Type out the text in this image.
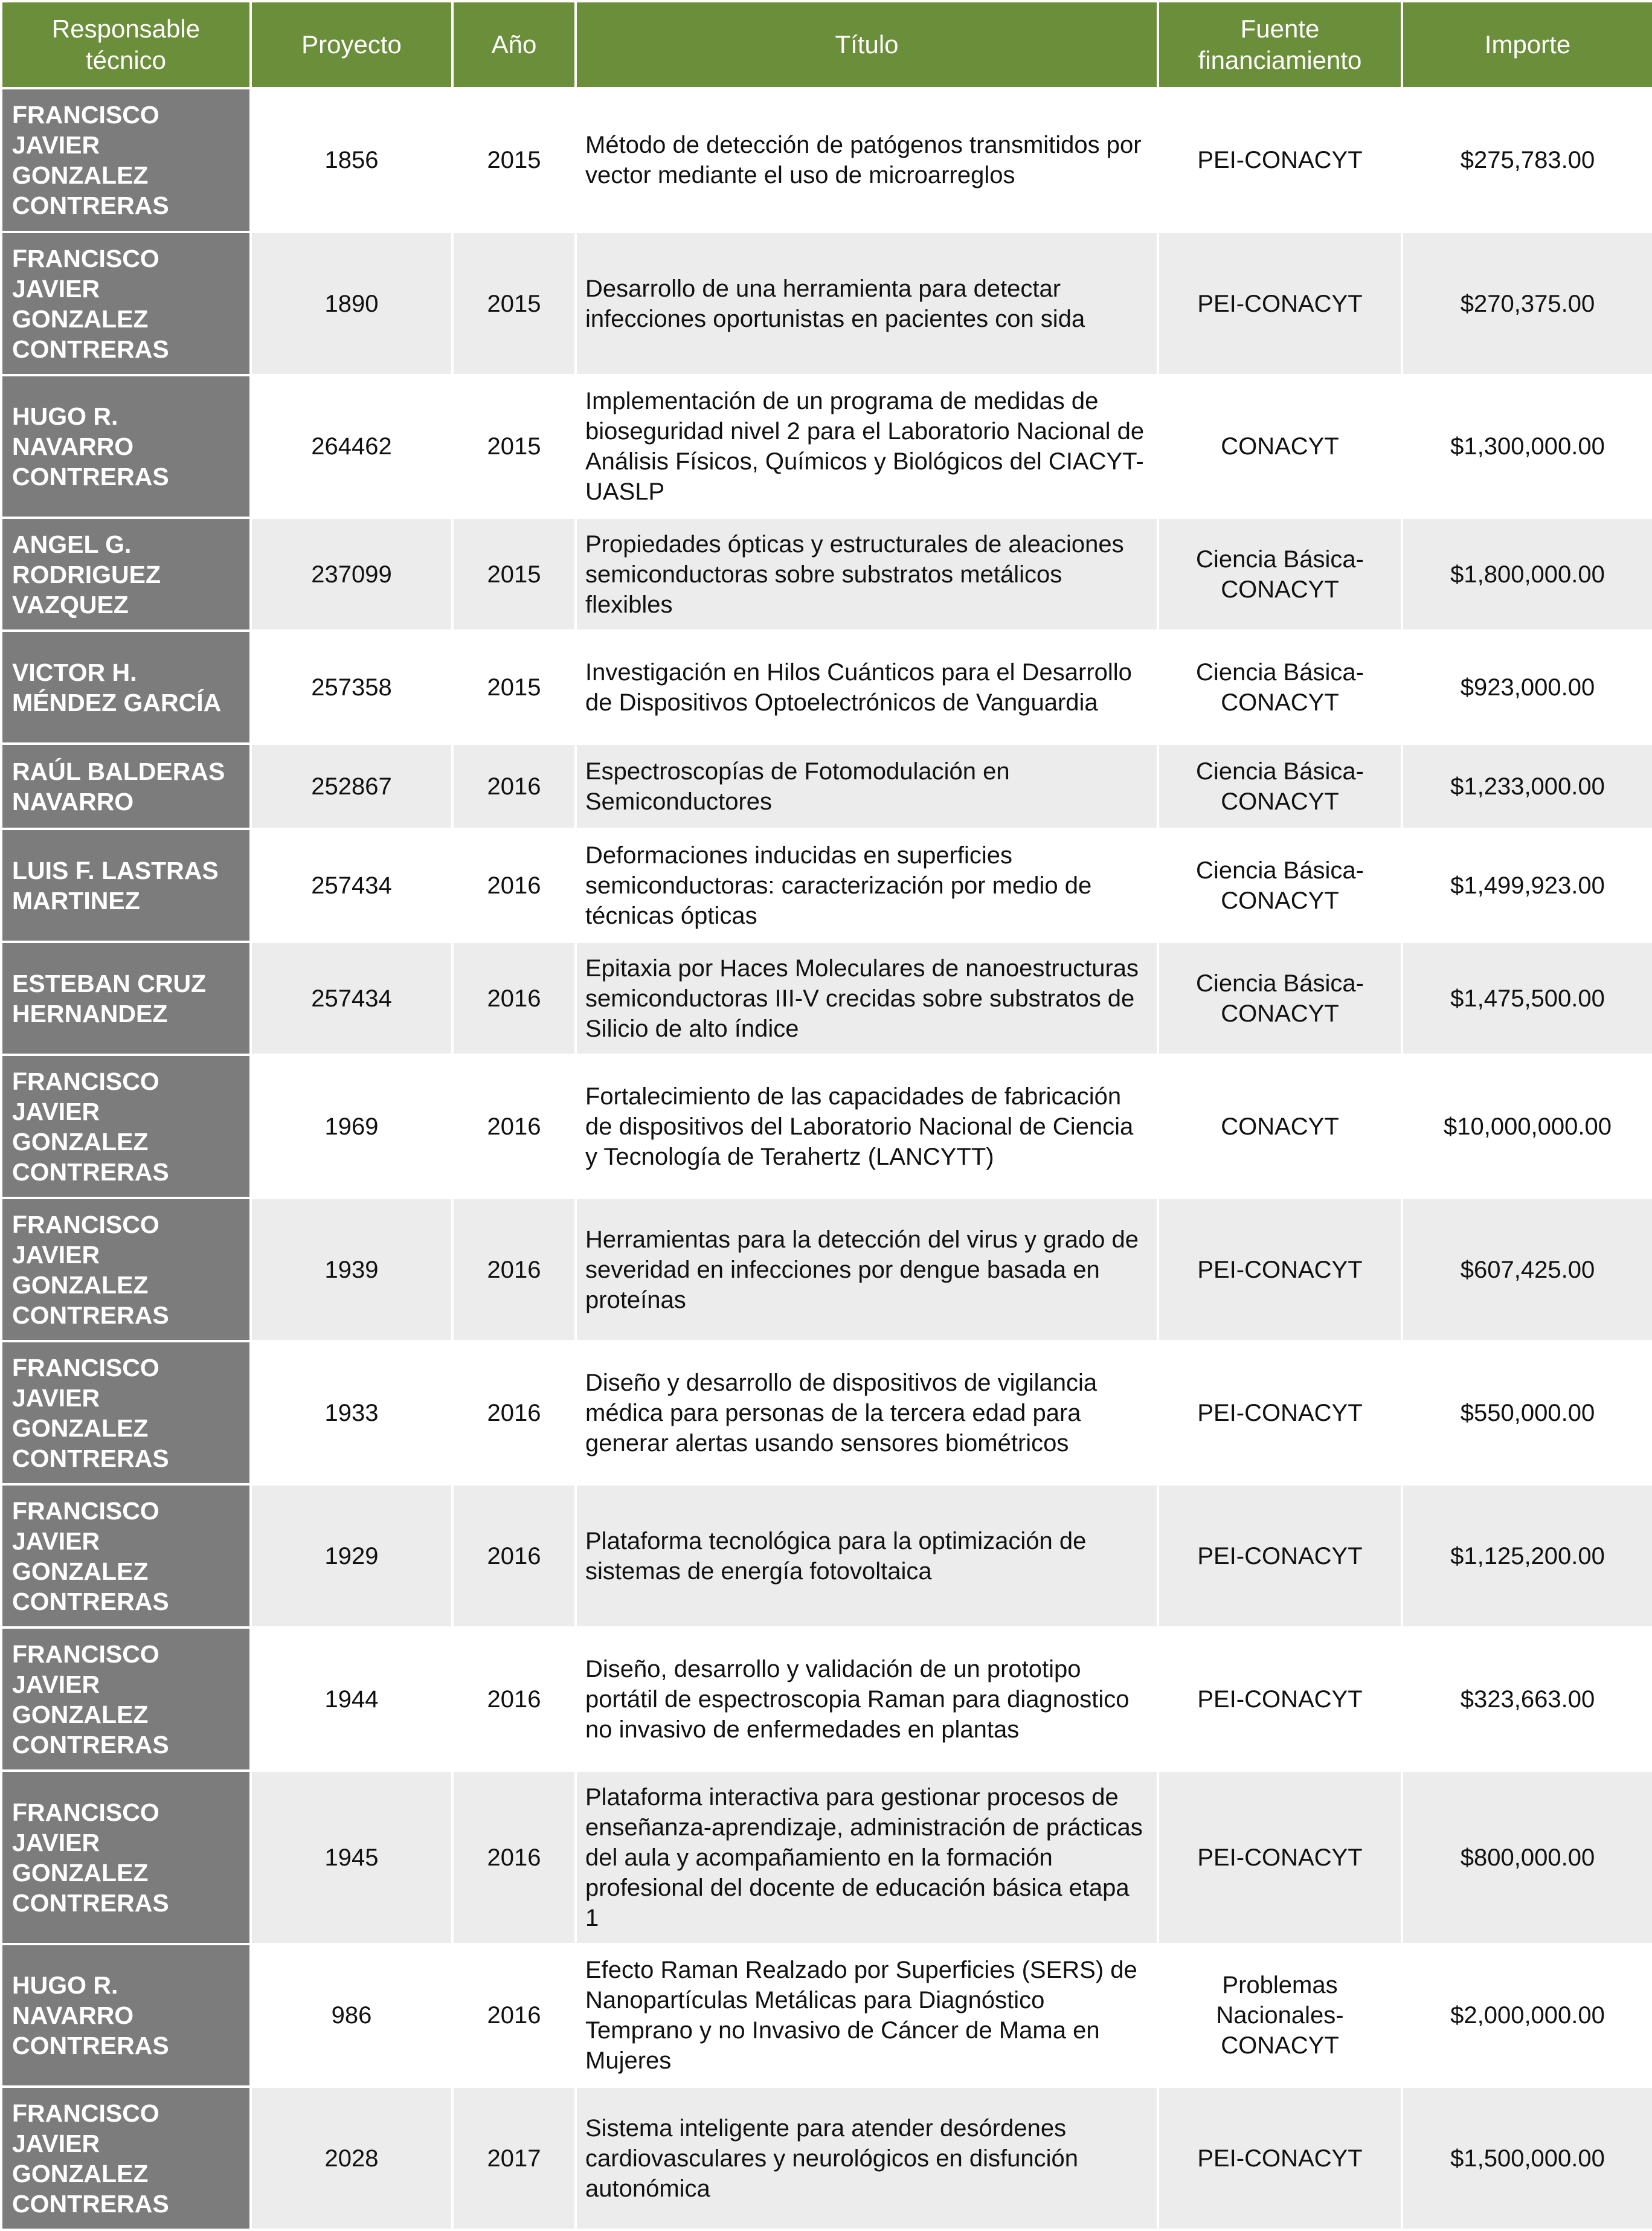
Responsable técnico	Proyecto	Año	Título	Fuente financiamiento	Importe
FRANCISCO JAVIER GONZALEZ CONTRERAS	1856	2015	Método de detección de patógenos transmitidos por vector mediante el uso de microarreglos	PEI-CONACYT	$275,783.00
FRANCISCO JAVIER GONZALEZ CONTRERAS	1890	2015	Desarrollo de una herramienta para detectar infecciones oportunistas en pacientes con sida	PEI-CONACYT	$270,375.00
HUGO R. NAVARRO CONTRERAS	264462	2015	Implementación de un programa de medidas de bioseguridad nivel 2 para el Laboratorio Nacional de Análisis Físicos, Químicos y Biológicos del CIACYT-UASLP	CONACYT	$1,300,000.00
ANGEL G. RODRIGUEZ VAZQUEZ	237099	2015	Propiedades ópticas y estructurales de aleaciones semiconductoras sobre substratos metálicos flexibles	Ciencia Básica-CONACYT	$1,800,000.00
VICTOR H. MÉNDEZ GARCÍA	257358	2015	Investigación en Hilos Cuánticos para el Desarrollo de Dispositivos Optoelectrónicos de Vanguardia	Ciencia Básica-CONACYT	$923,000.00
RAÚL BALDERAS NAVARRO	252867	2016	Espectroscopías de Fotomodulación en Semiconductores	Ciencia Básica-CONACYT	$1,233,000.00
LUIS F. LASTRAS MARTINEZ	257434	2016	Deformaciones inducidas en superficies semiconductoras: caracterización por medio de técnicas ópticas	Ciencia Básica-CONACYT	$1,499,923.00
ESTEBAN CRUZ HERNANDEZ	257434	2016	Epitaxia por Haces Moleculares de nanoestructuras semiconductoras III-V crecidas sobre substratos de Silicio de alto índice	Ciencia Básica-CONACYT	$1,475,500.00
FRANCISCO JAVIER GONZALEZ CONTRERAS	1969	2016	Fortalecimiento de las capacidades de fabricación de dispositivos del Laboratorio Nacional de Ciencia y Tecnología de Terahertz (LANCYTT)	CONACYT	$10,000,000.00
FRANCISCO JAVIER GONZALEZ CONTRERAS	1939	2016	Herramientas para la detección del virus y grado de severidad en infecciones por dengue basada en proteínas	PEI-CONACYT	$607,425.00
FRANCISCO JAVIER GONZALEZ CONTRERAS	1933	2016	Diseño y desarrollo de dispositivos de vigilancia médica para personas de la tercera edad para generar alertas usando sensores biométricos	PEI-CONACYT	$550,000.00
FRANCISCO JAVIER GONZALEZ CONTRERAS	1929	2016	Plataforma tecnológica para la optimización de sistemas de energía fotovoltaica	PEI-CONACYT	$1,125,200.00
FRANCISCO JAVIER GONZALEZ CONTRERAS	1944	2016	Diseño, desarrollo y validación de un prototipo portátil de espectroscopia Raman para diagnostico no invasivo de enfermedades en plantas	PEI-CONACYT	$323,663.00
FRANCISCO JAVIER GONZALEZ CONTRERAS	1945	2016	Plataforma interactiva para gestionar procesos de enseñanza-aprendizaje, administración de prácticas del aula y acompañamiento en la formación profesional del docente de educación básica etapa 1	PEI-CONACYT	$800,000.00
HUGO R. NAVARRO CONTRERAS	986	2016	Efecto Raman Realzado por Superficies (SERS) de Nanopartículas Metálicas para Diagnóstico Temprano y no Invasivo de Cáncer de Mama en Mujeres	Problemas Nacionales-CONACYT	$2,000,000.00
FRANCISCO JAVIER GONZALEZ CONTRERAS	2028	2017	Sistema inteligente para atender desórdenes cardiovasculares y neurológicos en disfunción autonómica	PEI-CONACYT	$1,500,000.00
